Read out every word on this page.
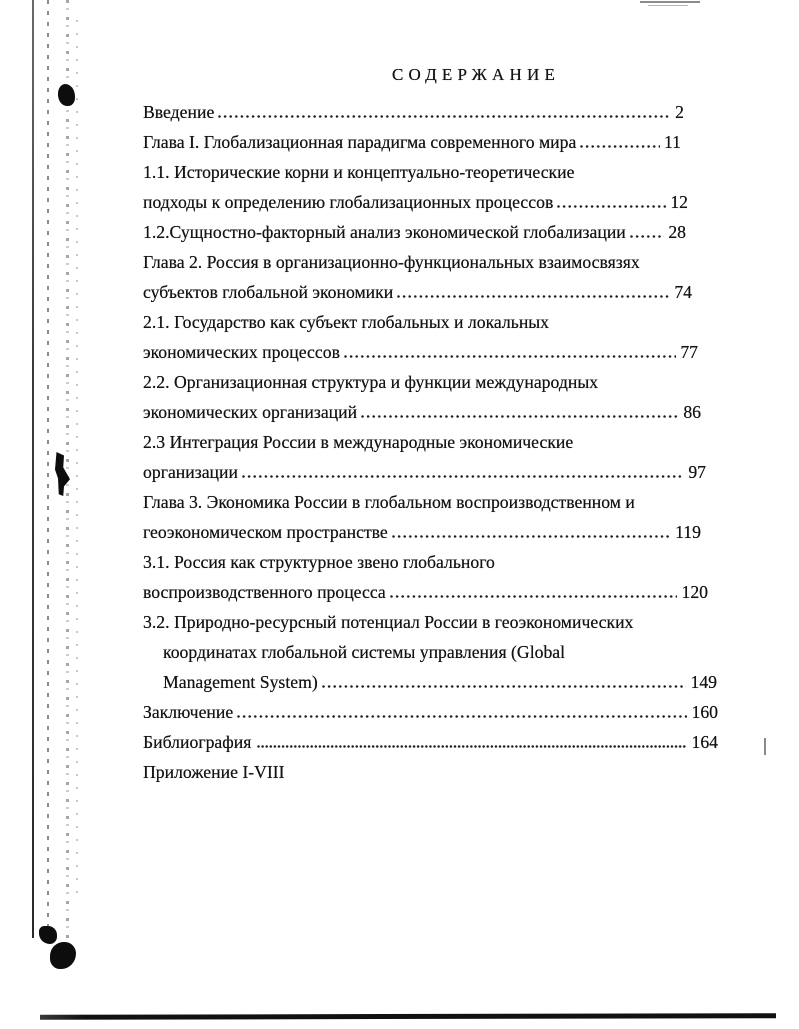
СОДЕРЖАНИЕ
Введение	2
Глава I. Глобализационная парадигма современного мира	11
1.1. Исторические корни и концептуально-теоретические
подходы к определению глобализационных процессов	12
1.2.Сущностно-факторный анализ экономической глобализации 28
Глава 2. Россия в организационно-функциональных взаимосвязях
субъектов глобальной экономики	74
2.1. Государство как субъект глобальных и локальных
экономических процессов	77
2.2. Организационная структура и функции международных
экономических организаций	86
2.3 Интеграция России в международные экономические
организации	97
Глава 3. Экономика России в глобальном воспроизводственном и
геоэкономическом пространстве	119
3.1. Россия как структурное звено глобального
воспроизводственного процесса	120
3.2. Природно-ресурсный потенциал России в геоэкономических
координатах глобальной системы управления (Global
Management System)	149
Заключение	160
Библиография	164
Приложение I-VIII
